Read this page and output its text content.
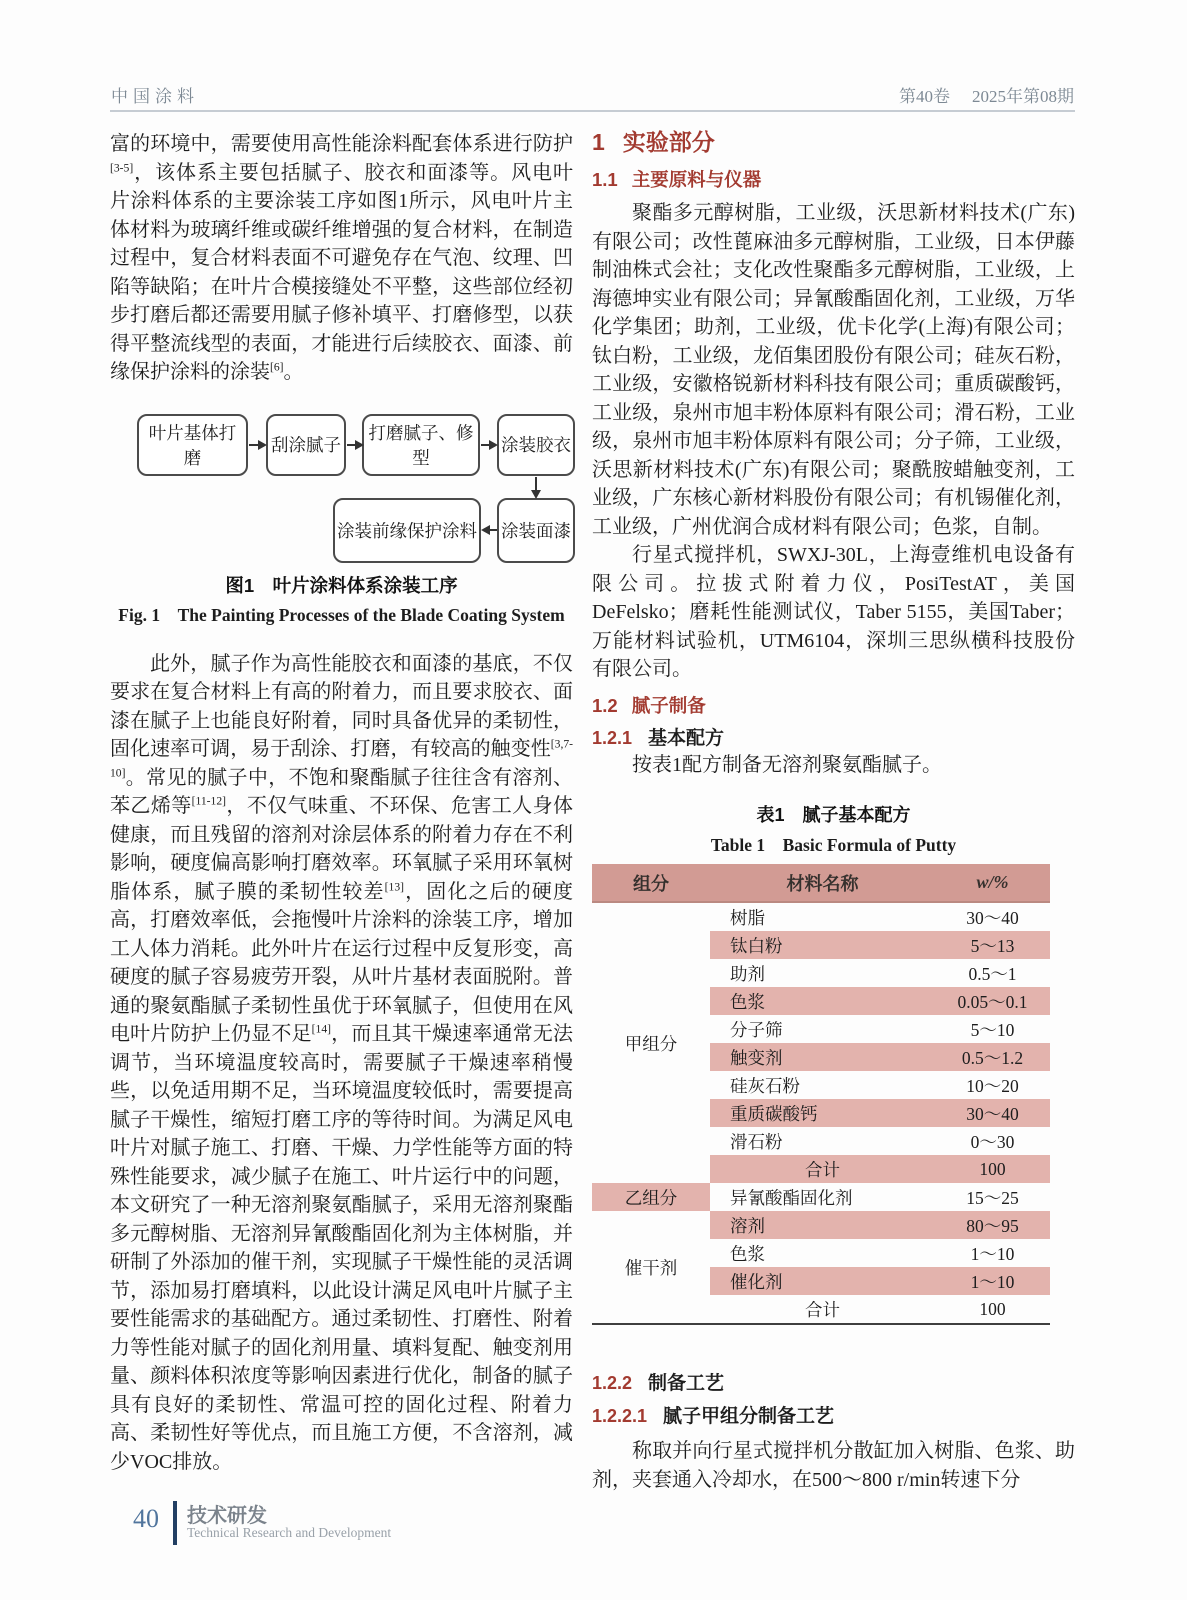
中国涂料	第40卷 2025年第08期

富的环境中，需要使用高性能涂料配套体系进行防护[3-5]，该体系主要包括腻子、胶衣和面漆等。风电叶片涂料体系的主要涂装工序如图1所示，风电叶片主体材料为玻璃纤维或碳纤维增强的复合材料，在制造过程中，复合材料表面不可避免存在气泡、纹理、凹陷等缺陷；在叶片合模接缝处不平整，这些部位经初步打磨后都还需要用腻子修补填平、打磨修型，以获得平整流线型的表面，才能进行后续胶衣、面漆、前缘保护涂料的涂装[6]。

叶片基体打磨
刮涂腻子
打磨腻子、修型
涂装胶衣
涂装前缘保护涂料 涂装面漆
图1　叶片涂料体系涂装工序
Fig. 1　The Painting Processes of the Blade Coating System

此外，腻子作为高性能胶衣和面漆的基底，不仅要求在复合材料上有高的附着力，而且要求胶衣、面漆在腻子上也能良好附着，同时具备优异的柔韧性，固化速率可调，易于刮涂、打磨，有较高的触变性[3,7-10]。常见的腻子中，不饱和聚酯腻子往往含有溶剂、苯乙烯等[11-12]，不仅气味重、不环保、危害工人身体健康，而且残留的溶剂对涂层体系的附着力存在不利影响，硬度偏高影响打磨效率。环氧腻子采用环氧树脂体系，腻子膜的柔韧性较差[13]，固化之后的硬度高，打磨效率低，会拖慢叶片涂料的涂装工序，增加工人体力消耗。此外叶片在运行过程中反复形变，高硬度的腻子容易疲劳开裂，从叶片基材表面脱附。普通的聚氨酯腻子柔韧性虽优于环氧腻子，但使用在风电叶片防护上仍显不足[14]，而且其干燥速率通常无法调节，当环境温度较高时，需要腻子干燥速率稍慢些，以免适用期不足，当环境温度较低时，需要提高腻子干燥性，缩短打磨工序的等待时间。为满足风电叶片对腻子施工、打磨、干燥、力学性能等方面的特殊性能要求，减少腻子在施工、叶片运行中的问题，本文研究了一种无溶剂聚氨酯腻子，采用无溶剂聚酯多元醇树脂、无溶剂异氰酸酯固化剂为主体树脂，并研制了外添加的催干剂，实现腻子干燥性能的灵活调节，添加易打磨填料，以此设计满足风电叶片腻子主要性能需求的基础配方。通过柔韧性、打磨性、附着力等性能对腻子的固化剂用量、填料复配、触变剂用量、颜料体积浓度等影响因素进行优化，制备的腻子具有良好的柔韧性、常温可控的固化过程、附着力高、柔韧性好等优点，而且施工方便，不含溶剂，减少VOC排放。

1 实验部分
1.1 主要原料与仪器

聚酯多元醇树脂，工业级，沃思新材料技术(广东)有限公司；改性蓖麻油多元醇树脂，工业级，日本伊藤制油株式会社；支化改性聚酯多元醇树脂，工业级，上海德坤实业有限公司；异氰酸酯固化剂，工业级，万华化学集团；助剂，工业级，优卡化学(上海)有限公司；钛白粉，工业级，龙佰集团股份有限公司；硅灰石粉，工业级，安徽格锐新材料科技有限公司；重质碳酸钙，工业级，泉州市旭丰粉体原料有限公司；滑石粉，工业级，泉州市旭丰粉体原料有限公司；分子筛，工业级，沃思新材料技术(广东)有限公司；聚酰胺蜡触变剂，工业级，广东核心新材料股份有限公司；有机锡催化剂，工业级，广州优润合成材料有限公司；色浆，自制。

行星式搅拌机，SWXJ-30L，上海壹维机电设备有限公司。拉拔式附着力仪，PosiTestAT，美国DeFelsko；磨耗性能测试仪，Taber 5155，美国Taber；万能材料试验机，UTM6104，深圳三思纵横科技股份有限公司。

1.2 腻子制备
1.2.1 基本配方

按表1配方制备无溶剂聚氨酯腻子。

表1　腻子基本配方
Table 1　Basic Formula of Putty
组分	材料名称	w/%
甲组分	树脂	30～40
	钛白粉	5～13
	助剂	0.5～1
	色浆	0.05～0.1
	分子筛	5～10
	触变剂	0.5～1.2
	硅灰石粉	10～20
	重质碳酸钙	30～40
	滑石粉	0～30
	合计	100
乙组分	异氰酸酯固化剂	15～25
催干剂	溶剂	80～95
	色浆	1～10
	催化剂	1～10
	合计	100
1.2.2 制备工艺
1.2.2.1 腻子甲组分制备工艺

称取并向行星式搅拌机分散缸加入树脂、色浆、助剂，夹套通入冷却水，在500～800 r/min转速下分

40 技术研发
Technical Research and Development
